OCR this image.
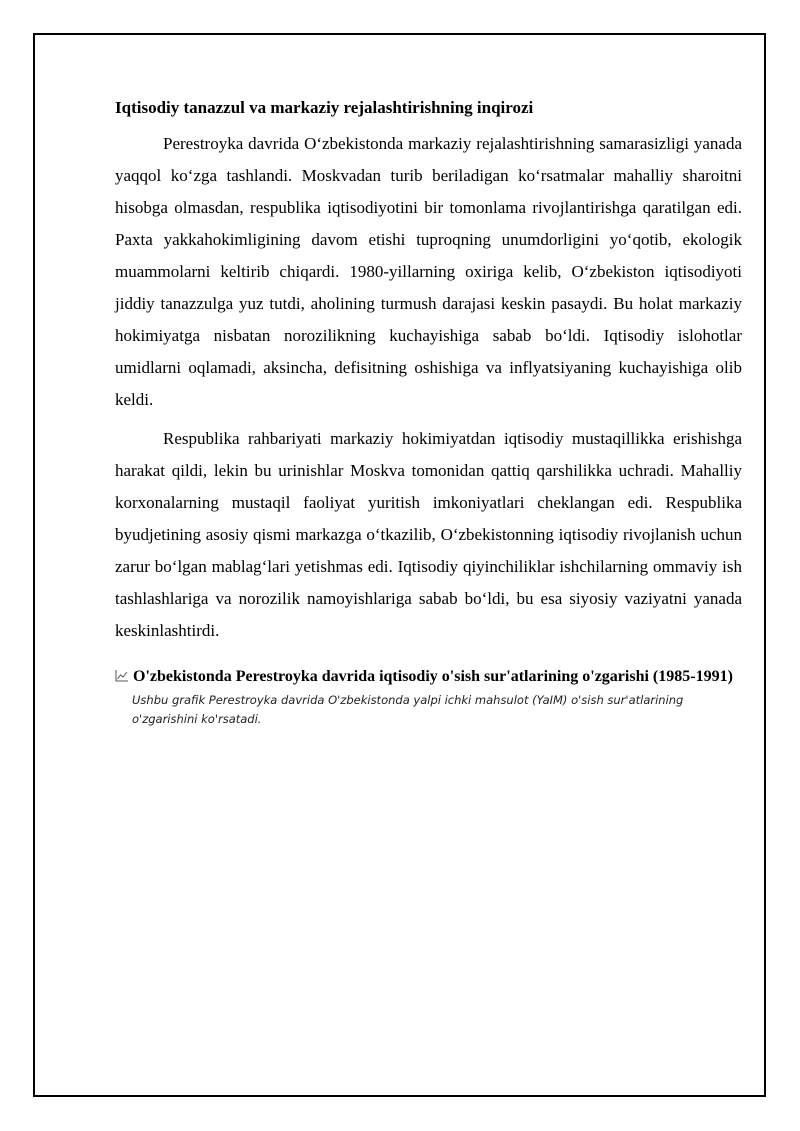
Iqtisodiy tanazzul va markaziy rejalashtirishning inqirozi

Perestroyka davrida O‘zbekistonda markaziy rejalashtirishning samarasizligi yanada yaqqol ko‘zga tashlandi. Moskvadan turib beriladigan ko‘rsatmalar mahalliy sharoitni hisobga olmasdan, respublika iqtisodiyotini bir tomonlama rivojlantirishga qaratilgan edi. Paxta yakkahokimligining davom etishi tuproqning unumdorligini yo‘qotib, ekologik muammolarni keltirib chiqardi. 1980-yillarning oxiriga kelib, O‘zbekiston iqtisodiyoti jiddiy tanazzulga yuz tutdi, aholining turmush darajasi keskin pasaydi. Bu holat markaziy hokimiyatga nisbatan norozilikning kuchayishiga sabab bo‘ldi. Iqtisodiy islohotlar umidlarni oqlamadi, aksincha, defisitning oshishiga va inflyatsiyaning kuchayishiga olib keldi.

Respublika rahbariyati markaziy hokimiyatdan iqtisodiy mustaqillikka erishishga harakat qildi, lekin bu urinishlar Moskva tomonidan qattiq qarshilikka uchradi. Mahalliy korxonalarning mustaqil faoliyat yuritish imkoniyatlari cheklangan edi. Respublika byudjetining asosiy qismi markazga o‘tkazilib, O‘zbekistonning iqtisodiy rivojlanish uchun zarur bo‘lgan mablag‘lari yetishmas edi. Iqtisodiy qiyinchiliklar ishchilarning ommaviy ish tashlashlariga va norozilik namoyishlariga sabab bo‘ldi, bu esa siyosiy vaziyatni yanada keskinlashtirdi.

O'zbekistonda Perestroyka davrida iqtisodiy o'sish sur'atlarining o'zgarishi (1985-1991)
Ushbu grafik Perestroyka davrida O'zbekistonda yalpi ichki mahsulot (YaIM) o'sish sur'atlarining o'zgarishini ko'rsatadi.
